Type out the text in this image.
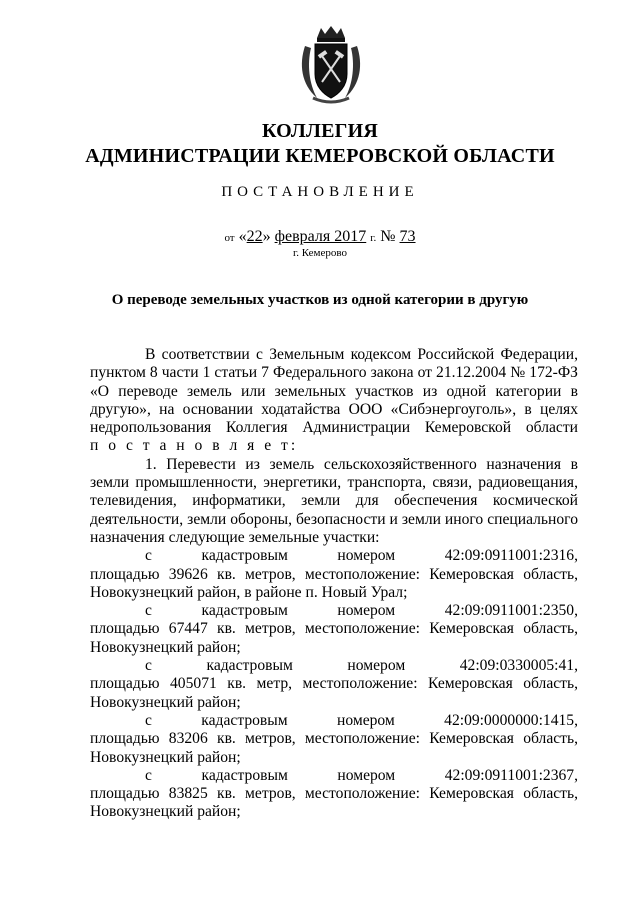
КОЛЛЕГИЯ
АДМИНИСТРАЦИИ КЕМЕРОВСКОЙ ОБЛАСТИ
ПОСТАНОВЛЕНИЕ
от «22» февраля 2017 г. № 73
г. Кемерово
О переводе земельных участков из одной категории в другую
В соответствии с Земельным кодексом Российской Федерации,
пунктом 8 части 1 статьи 7 Федерального закона от 21.12.2004 № 172-ФЗ
«О переводе земель или земельных участков из одной категории в
другую», на основании ходатайства ООО «Сибэнергоуголь», в целях
недропользования Коллегия Администрации Кемеровской области
п о с т а н о в л я е т:
1. Перевести из земель сельскохозяйственного назначения в
земли промышленности, энергетики, транспорта, связи, радиовещания,
телевидения, информатики, земли для обеспечения космической
деятельности, земли обороны, безопасности и земли иного специального
назначения следующие земельные участки:
с кадастровым номером 42:09:0911001:2316,
площадью 39626 кв. метров, местоположение: Кемеровская область,
Новокузнецкий район, в районе п. Новый Урал;
с кадастровым номером 42:09:0911001:2350,
площадью 67447 кв. метров, местоположение: Кемеровская область,
Новокузнецкий район;
с кадастровым номером 42:09:0330005:41,
площадью 405071 кв. метр, местоположение: Кемеровская область,
Новокузнецкий район;
с кадастровым номером 42:09:0000000:1415,
площадью 83206 кв. метров, местоположение: Кемеровская область,
Новокузнецкий район;
с кадастровым номером 42:09:0911001:2367,
площадью 83825 кв. метров, местоположение: Кемеровская область,
Новокузнецкий район;
